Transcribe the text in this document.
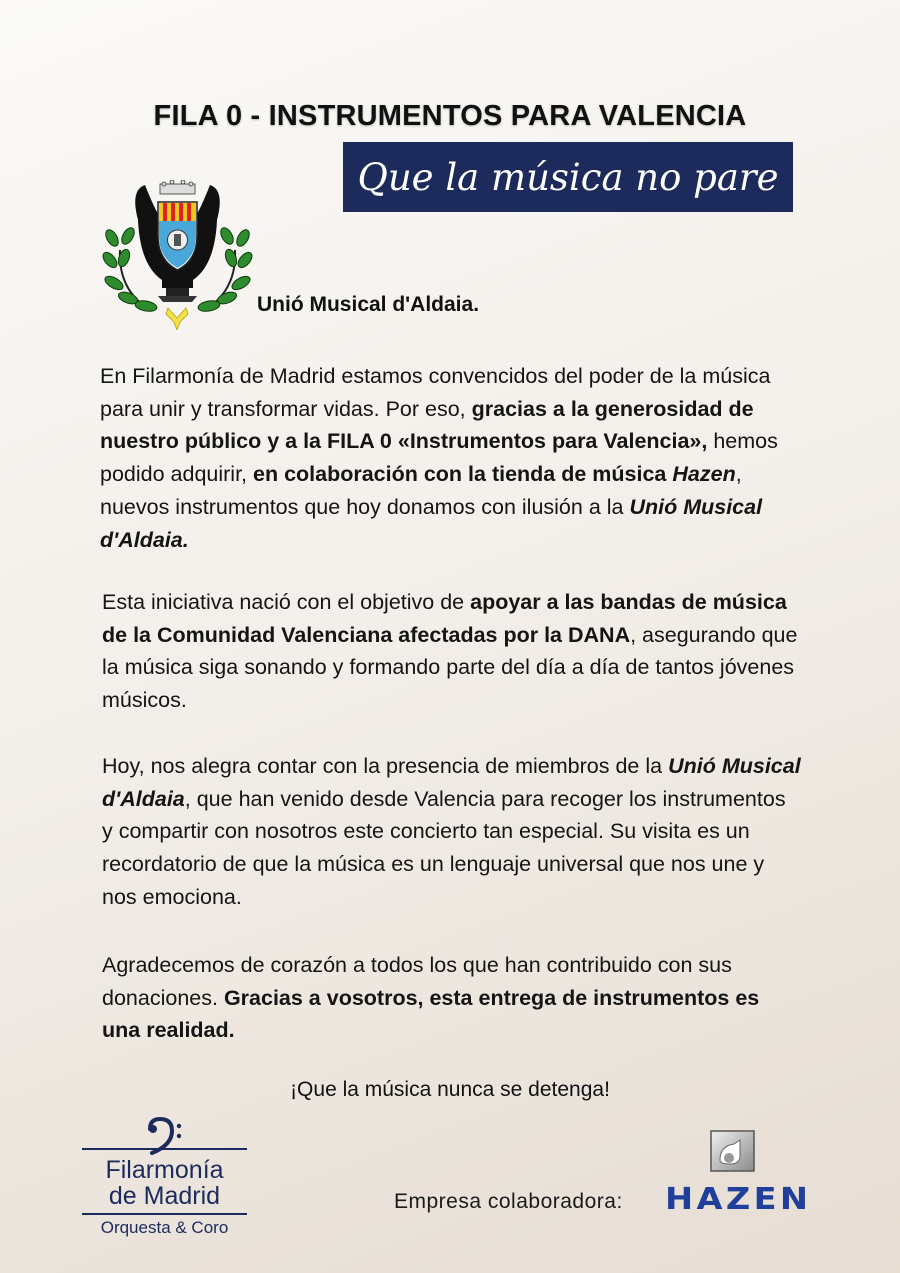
FILA 0 - INSTRUMENTOS PARA VALENCIA
Que la música no pare
Unió Musical d'Aldaia.

En Filarmonía de Madrid estamos convencidos del poder de la música para unir y transformar vidas. Por eso, gracias a la generosidad de nuestro público y a la FILA 0 «Instrumentos para Valencia», hemos podido adquirir, en colaboración con la tienda de música Hazen, nuevos instrumentos que hoy donamos con ilusión a la Unió Musical d'Aldaia.

Esta iniciativa nació con el objetivo de apoyar a las bandas de música de la Comunidad Valenciana afectadas por la DANA, asegurando que la música siga sonando y formando parte del día a día de tantos jóvenes músicos.

Hoy, nos alegra contar con la presencia de miembros de la Unió Musical d'Aldaia, que han venido desde Valencia para recoger los instrumentos y compartir con nosotros este concierto tan especial. Su visita es un recordatorio de que la música es un lenguaje universal que nos une y nos emociona.

Agradecemos de corazón a todos los que han contribuido con sus donaciones. Gracias a vosotros, esta entrega de instrumentos es una realidad.

¡Que la música nunca se detenga!
Filarmonía
de Madrid
Orquesta & Coro
Empresa colaboradora: HAZEN
